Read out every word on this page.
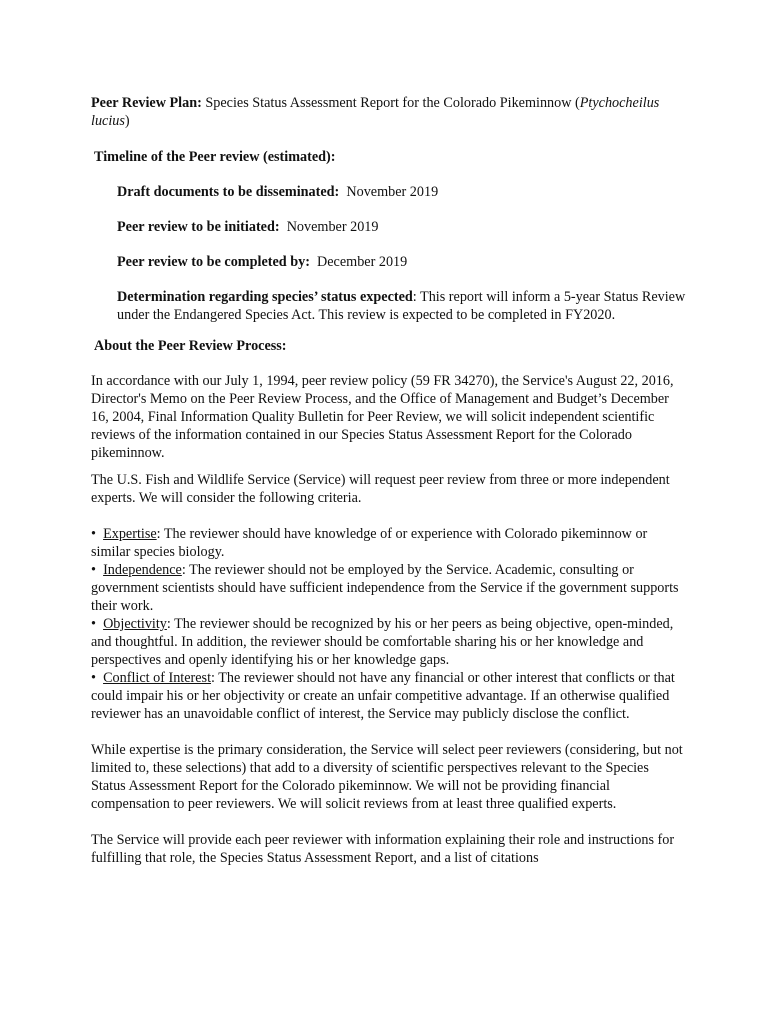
Peer Review Plan: Species Status Assessment Report for the Colorado Pikeminnow (Ptychocheilus lucius)

Timeline of the Peer review (estimated):

Draft documents to be disseminated:  November 2019

Peer review to be initiated:  November 2019

Peer review to be completed by:  December 2019

Determination regarding species’ status expected: This report will inform a 5-year Status Review under the Endangered Species Act. This review is expected to be completed in FY2020.

About the Peer Review Process:

In accordance with our July 1, 1994, peer review policy (59 FR 34270), the Service's August 22, 2016, Director's Memo on the Peer Review Process, and the Office of Management and Budget’s December 16, 2004, Final Information Quality Bulletin for Peer Review, we will solicit independent scientific reviews of the information contained in our Species Status Assessment Report for the Colorado pikeminnow.

The U.S. Fish and Wildlife Service (Service) will request peer review from three or more independent experts. We will consider the following criteria.

• Expertise: The reviewer should have knowledge of or experience with Colorado pikeminnow or similar species biology.

• Independence: The reviewer should not be employed by the Service. Academic, consulting or government scientists should have sufficient independence from the Service if the government supports their work.

• Objectivity: The reviewer should be recognized by his or her peers as being objective, open-minded, and thoughtful. In addition, the reviewer should be comfortable sharing his or her knowledge and perspectives and openly identifying his or her knowledge gaps.

• Conflict of Interest: The reviewer should not have any financial or other interest that conflicts or that could impair his or her objectivity or create an unfair competitive advantage. If an otherwise qualified reviewer has an unavoidable conflict of interest, the Service may publicly disclose the conflict.

While expertise is the primary consideration, the Service will select peer reviewers (considering, but not limited to, these selections) that add to a diversity of scientific perspectives relevant to the Species Status Assessment Report for the Colorado pikeminnow. We will not be providing financial compensation to peer reviewers. We will solicit reviews from at least three qualified experts.

The Service will provide each peer reviewer with information explaining their role and instructions for fulfilling that role, the Species Status Assessment Report, and a list of citations
